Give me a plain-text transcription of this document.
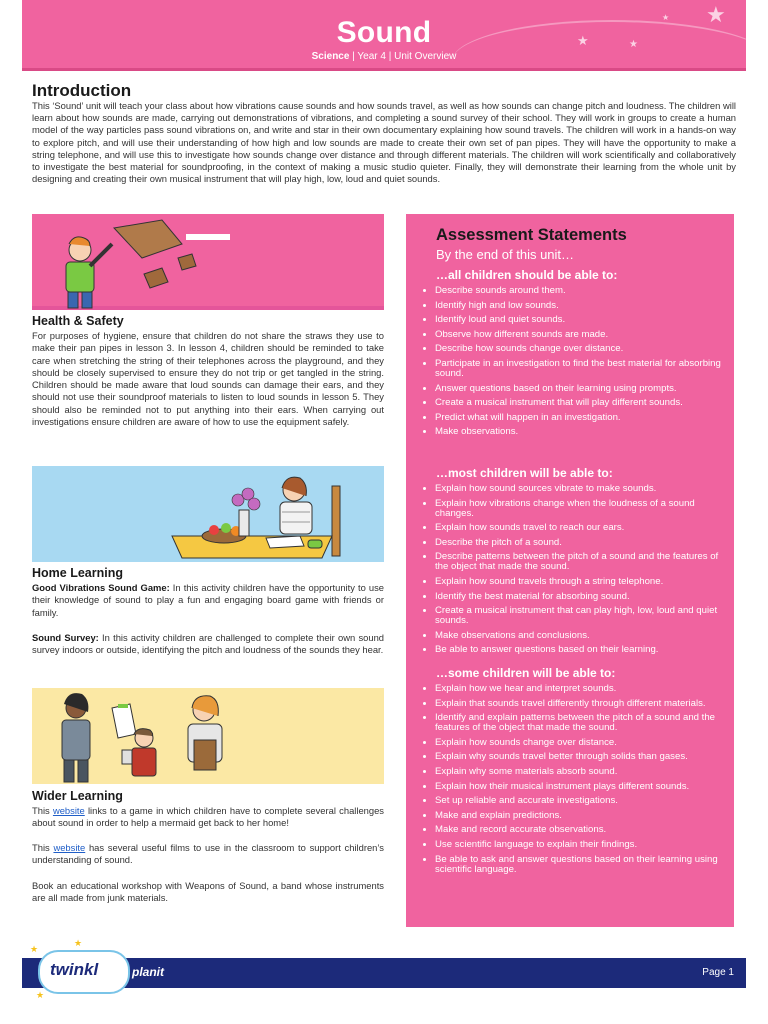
★
★	★
★
Sound
Science | Year 4 | Unit Overview
Introduction

This ‘Sound’ unit will teach your class about how vibrations cause sounds and how sounds travel, as well as how sounds can change pitch and loudness. The children will learn about how sounds are made, carrying out demonstrations of vibrations, and completing a sound survey of their school. They will work in groups to create a human model of the way particles pass sound vibrations on, and write and star in their own documentary explaining how sound travels. The children will work in a hands-on way to explore pitch, and will use their understanding of how high and low sounds are made to create their own set of pan pipes. They will have the opportunity to make a string telephone, and will use this to investigate how sounds change over distance and through different materials. The children will work scientifically and collaboratively to investigate the best material for soundproofing, in the context of making a music studio quieter. Finally, they will demonstrate their learning from the whole unit by designing and creating their own musical instrument that will play high, low, loud and quiet sounds.

Health & Safety

For purposes of hygiene, ensure that children do not share the straws they use to make their pan pipes in lesson 3. In lesson 4, children should be reminded to take care when stretching the string of their telephones across the playground, and they should be closely supervised to ensure they do not trip or get tangled in the string. Children should be made aware that loud sounds can damage their ears, and they should not use their soundproof materials to listen to loud sounds in lesson 5. They should also be reminded not to put anything into their ears. When carrying out investigations ensure children are aware of how to use the equipment safely.

Home Learning

Good Vibrations Sound Game: In this activity children have the opportunity to use their knowledge of sound to play a fun and engaging board game with friends or family.

Sound Survey: In this activity children are challenged to complete their own sound survey indoors or outside, identifying the pitch and loudness of the sounds they hear.

Wider Learning

This website links to a game in which children have to complete several challenges about sound in order to help a mermaid get back to her home!

This website has several useful films to use in the classroom to support children’s understanding of sound.

Book an educational workshop with Weapons of Sound, a band whose instruments are all made from junk materials.

Assessment Statements
By the end of this unit…
…all children should be able to:
• Describe sounds around them.
• Identify high and low sounds.
• Identify loud and quiet sounds.
• Observe how different sounds are made.
• Describe how sounds change over distance.
• Participate in an investigation to find the best material for absorbing sound.
• Answer questions based on their learning using prompts.
• Create a musical instrument that will play different sounds.
• Predict what will happen in an investigation.
• Make observations.
…most children will be able to:
• Explain how sound sources vibrate to make sounds.
• Explain how vibrations change when the loudness of a sound changes.
• Explain how sounds travel to reach our ears.
• Describe the pitch of a sound.
• Describe patterns between the pitch of a sound and the features of the object that made the sound.
• Explain how sound travels through a string telephone.
• Identify the best material for absorbing sound.
• Create a musical instrument that can play high, low, loud and quiet sounds.
• Make observations and conclusions.
• Be able to answer questions based on their learning.
…some children will be able to:
• Explain how we hear and interpret sounds.
• Explain that sounds travel differently through different materials.
• Identify and explain patterns between the pitch of a sound and the features of the object that made the sound.
• Explain how sounds change over distance.
• Explain why sounds travel better through solids than gases.
• Explain why some materials absorb sound.
• Explain how their musical instrument plays different sounds.
• Set up reliable and accurate investigations.
• Make and explain predictions.
• Make and record accurate observations.
• Use scientific language to explain their findings.
• Be able to ask and answer questions based on their learning using scientific language.
Page 1
★
★
★
twinkl	planit
